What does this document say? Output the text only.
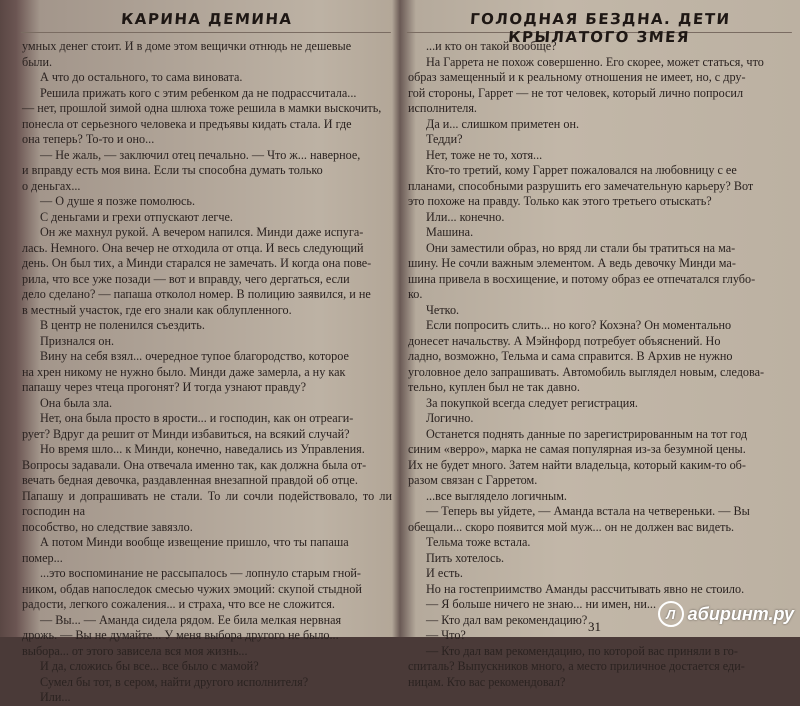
КАРИНА ДЕМИНА

умных денег стоит. И в доме этом вещички отнюдь не дешевые

были.

А что до остального, то сама виновата.

Решила прижать кого с этим ребенком да не подрассчитала...

— нет, прошлой зимой одна шлюха тоже решила в мамки выскочить,

понесла от серьезного человека и предъявы кидать стала. И где

она теперь? То-то и оно...

— Не жаль, — заключил отец печально. — Что ж... наверное,

и вправду есть моя вина. Если ты способна думать только

о деньгах...

— О душе я позже помолюсь.

С деньгами и грехи отпускают легче.

Он же махнул рукой. А вечером напился. Минди даже испуга-

лась. Немного. Она вечер не отходила от отца. И весь следующий

день. Он был тих, а Минди старался не замечать. И когда она пове-

рила, что все уже позади — вот и вправду, чего дергаться, если

дело сделано? — папаша отколол номер. В полицию заявился, и не

в местный участок, где его знали как облупленного.

В центр не поленился съездить.

Признался он.

Вину на себя взял... очередное тупое благородство, которое

на хрен никому не нужно было. Минди даже замерла, а ну как

папашу через чтеца прогонят? И тогда узнают правду?

Она была зла.

Нет, она была просто в ярости... и господин, как он отреаги-

рует? Вдруг да решит от Минди избавиться, на всякий случай?

Но время шло... к Минди, конечно, наведались из Управления.

Вопросы задавали. Она отвечала именно так, как должна была от-

вечать бедная девочка, раздавленная внезапной правдой об отце.

Папашу и допрашивать не стали. То ли сочли подействовало, то ли господин на

пособство, но следствие завязло.

А потом Минди вообще извещение пришло, что ты папаша

помер...

...это воспоминание не рассыпалось — лопнуло старым гной-

ником, обдав напоследок смесью чужих эмоций: скупой стыдной

радости, легкого сожаления... и страха, что все не сложится.

— Вы... — Аманда сидела рядом. Ее била мелкая нервная

дрожь. — Вы не думайте... У меня выбора другого не было...

выбора... от этого зависела вся моя жизнь...

И да, сложись бы все... все было с мамой?

Сумел бы тот, в сером, найти другого исполнителя?

Или...

ГОЛОДНАЯ БЕЗДНА. ДЕТИ КРЫЛАТОГО ЗМЕЯ

...и кто он такой вообще?

На Гаррета не похож совершенно. Его скорее, может статься, что

образ замещенный и к реальному отношения не имеет, но, с дру-

гой стороны, Гаррет — не тот человек, который лично попросил

исполнителя.

Да и... слишком приметен он.

Тедди?

Нет, тоже не то, хотя...

Кто-то третий, кому Гаррет пожаловался на любовницу с ее

планами, способными разрушить его замечательную карьеру? Вот

это похоже на правду. Только как этого третьего отыскать?

Или... конечно.

Машина.

Они заместили образ, но вряд ли стали бы тратиться на ма-

шину. Не сочли важным элементом. А ведь девочку Минди ма-

шина привела в восхищение, и потому образ ее отпечатался глубо-

ко.

Четко.

Если попросить слить... но кого? Кохэна? Он моментально

донесет начальству. А Мэйнфорд потребует объяснений. Но

ладно, возможно, Тельма и сама справится. В Архив не нужно

уголовное дело запрашивать. Автомобиль выглядел новым, следова-

тельно, куплен был не так давно.

За покупкой всегда следует регистрация.

Логично.

Останется поднять данные по зарегистрированным на тот год

синим «верро», марка не самая популярная из-за безумной цены.

Их не будет много. Затем найти владельца, который каким-то об-

разом связан с Гарретом.

...все выглядело логичным.

— Теперь вы уйдете, — Аманда встала на четвереньки. — Вы

обещали... скоро появится мой муж... он не должен вас видеть.

Тельма тоже встала.

Пить хотелось.

И есть.

Но на гостеприимство Аманды рассчитывать явно не стоило.

— Я больше ничего не знаю... ни имен, ни...

— Кто дал вам рекомендацию?

— Что?

— Кто дал вам рекомендацию, по которой вас приняли в го-

спиталь? Выпускников много, а место приличное достается еди-

ницам. Кто вас рекомендовал?

31
Л абиринт.ру
